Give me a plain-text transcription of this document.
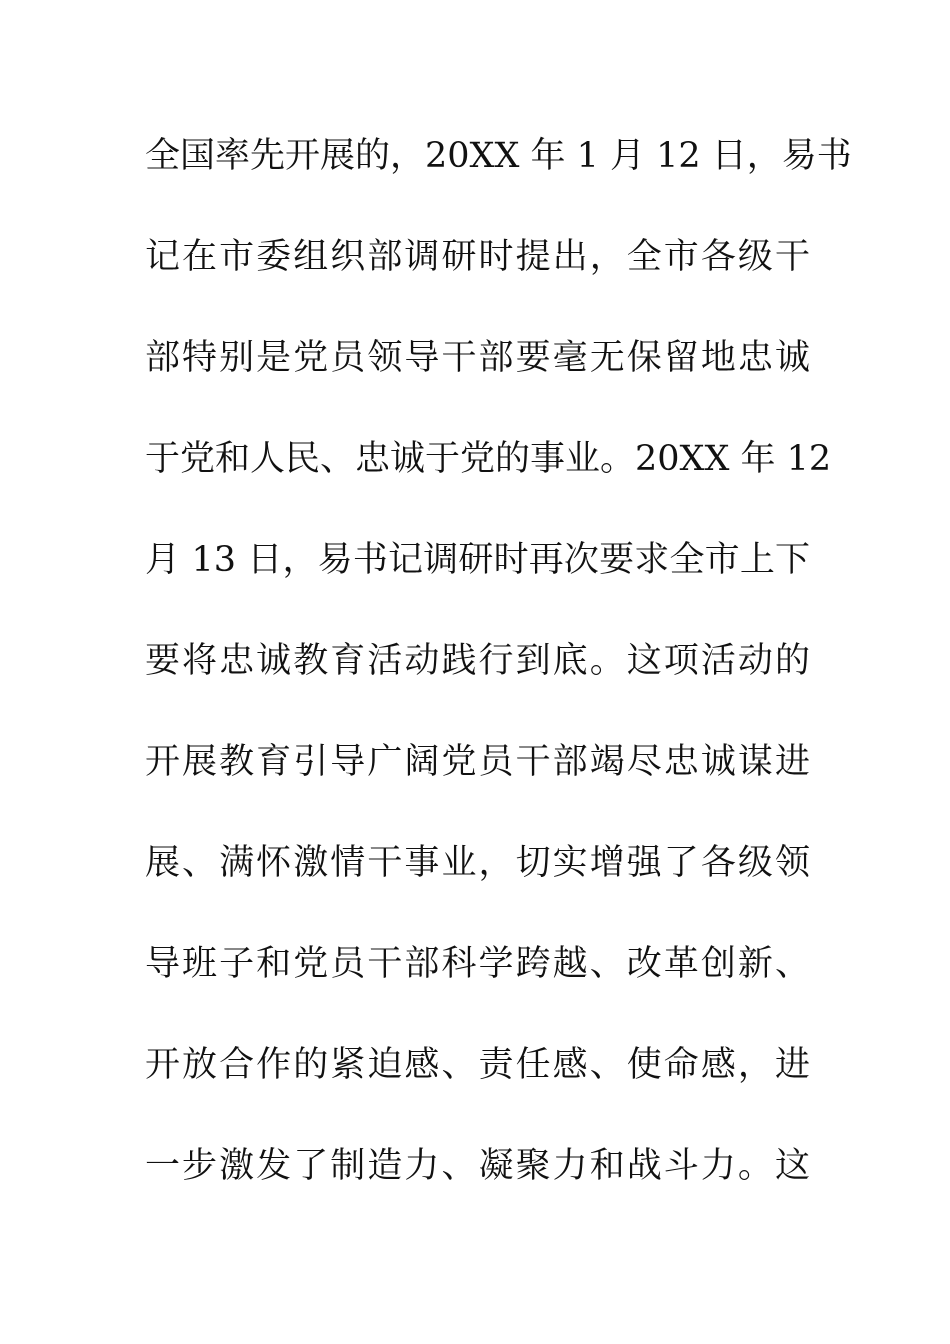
全国率先开展的，20XX 年 1 月 12 日，易书
记在市委组织部调研时提出，全市各级干
部特别是党员领导干部要毫无保留地忠诚
于党和人民、忠诚于党的事业。20XX 年 12
月 13 日，易书记调研时再次要求全市上下
要将忠诚教育活动践行到底。这项活动的
开展教育引导广阔党员干部竭尽忠诚谋进
展、满怀激情干事业，切实增强了各级领
导班子和党员干部科学跨越、改革创新、
开放合作的紧迫感、责任感、使命感，进
一步激发了制造力、凝聚力和战斗力。这
